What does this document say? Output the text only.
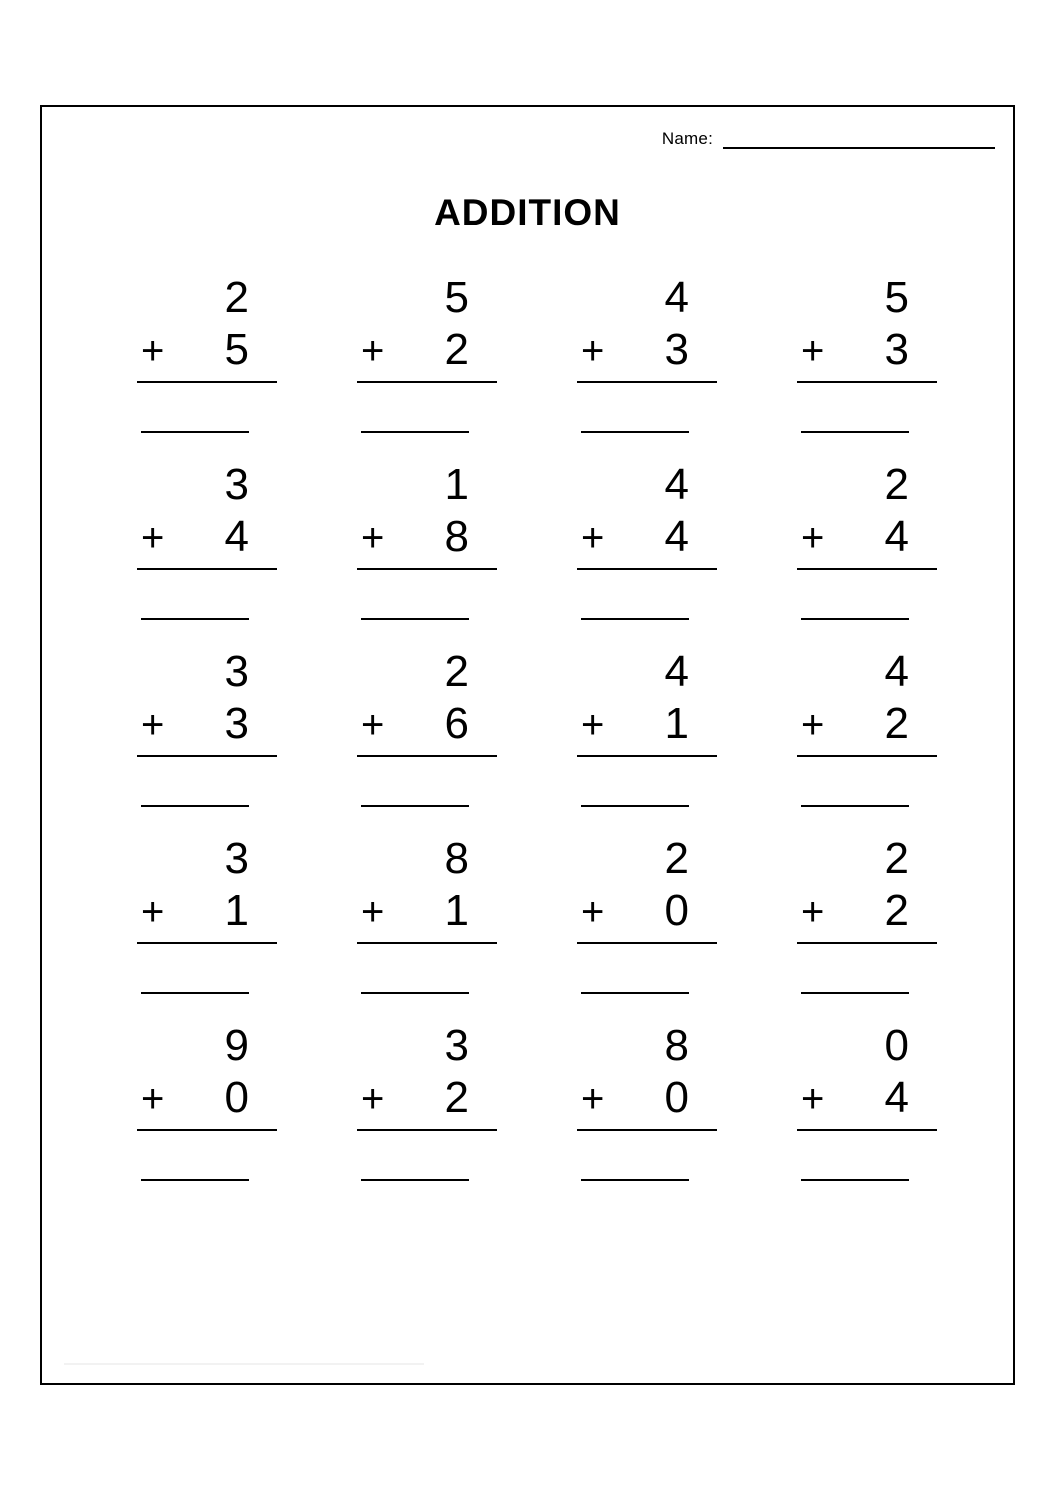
Name:
ADDITION
2
+ 5
5
+ 2
4
+ 3
5
+ 3
3
+ 4
1
+ 8
4
+ 4
2
+ 4
3
+ 3
2
+ 6
4
+ 1
4
+ 2
3
+ 1
8
+ 1
2
+ 0
2
+ 2
9
+ 0
3
+ 2
8
+ 0
0
+ 4
